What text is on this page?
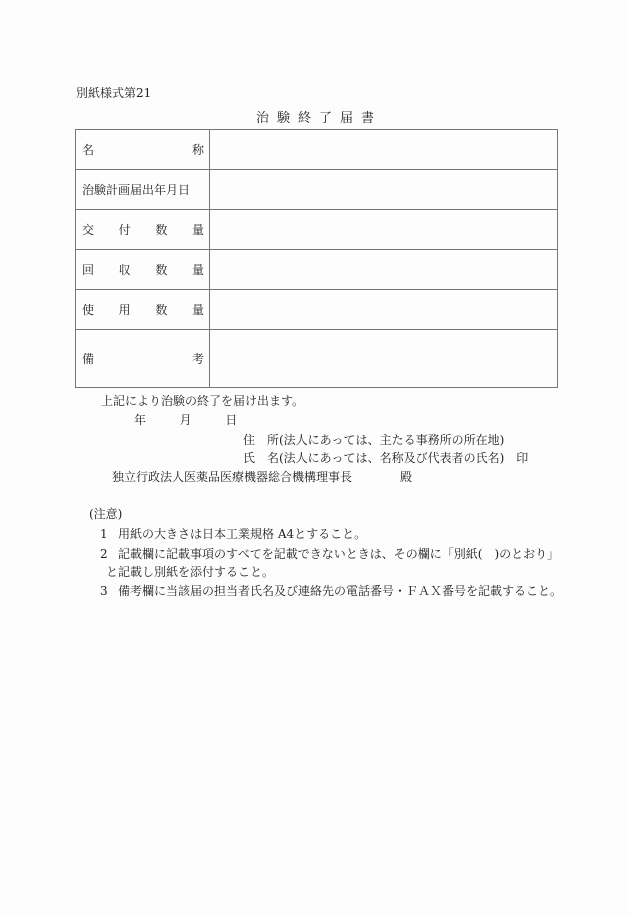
別紙様式第21
治 験 終 了 届 書
名 称	

治験計画届出年月日	

交 付 数 量	

回 収 数 量	

使 用 数 量	

備 考	

上記により治験の終了を届け出ます。
年	月	日
住　所(法人にあっては、主たる事務所の所在地)
氏　名(法人にあっては、名称及び代表者の氏名)　印
独立行政法人医薬品医療機器総合機構理事長	殿
(注意)
1 用紙の大きさは日本工業規格 A4とすること。
2 記載欄に記載事項のすべてを記載できないときは、その欄に「別紙(　)のとおり」
と記載し別紙を添付すること。
3 備考欄に当該届の担当者氏名及び連絡先の電話番号・ＦＡＸ番号を記載すること。
